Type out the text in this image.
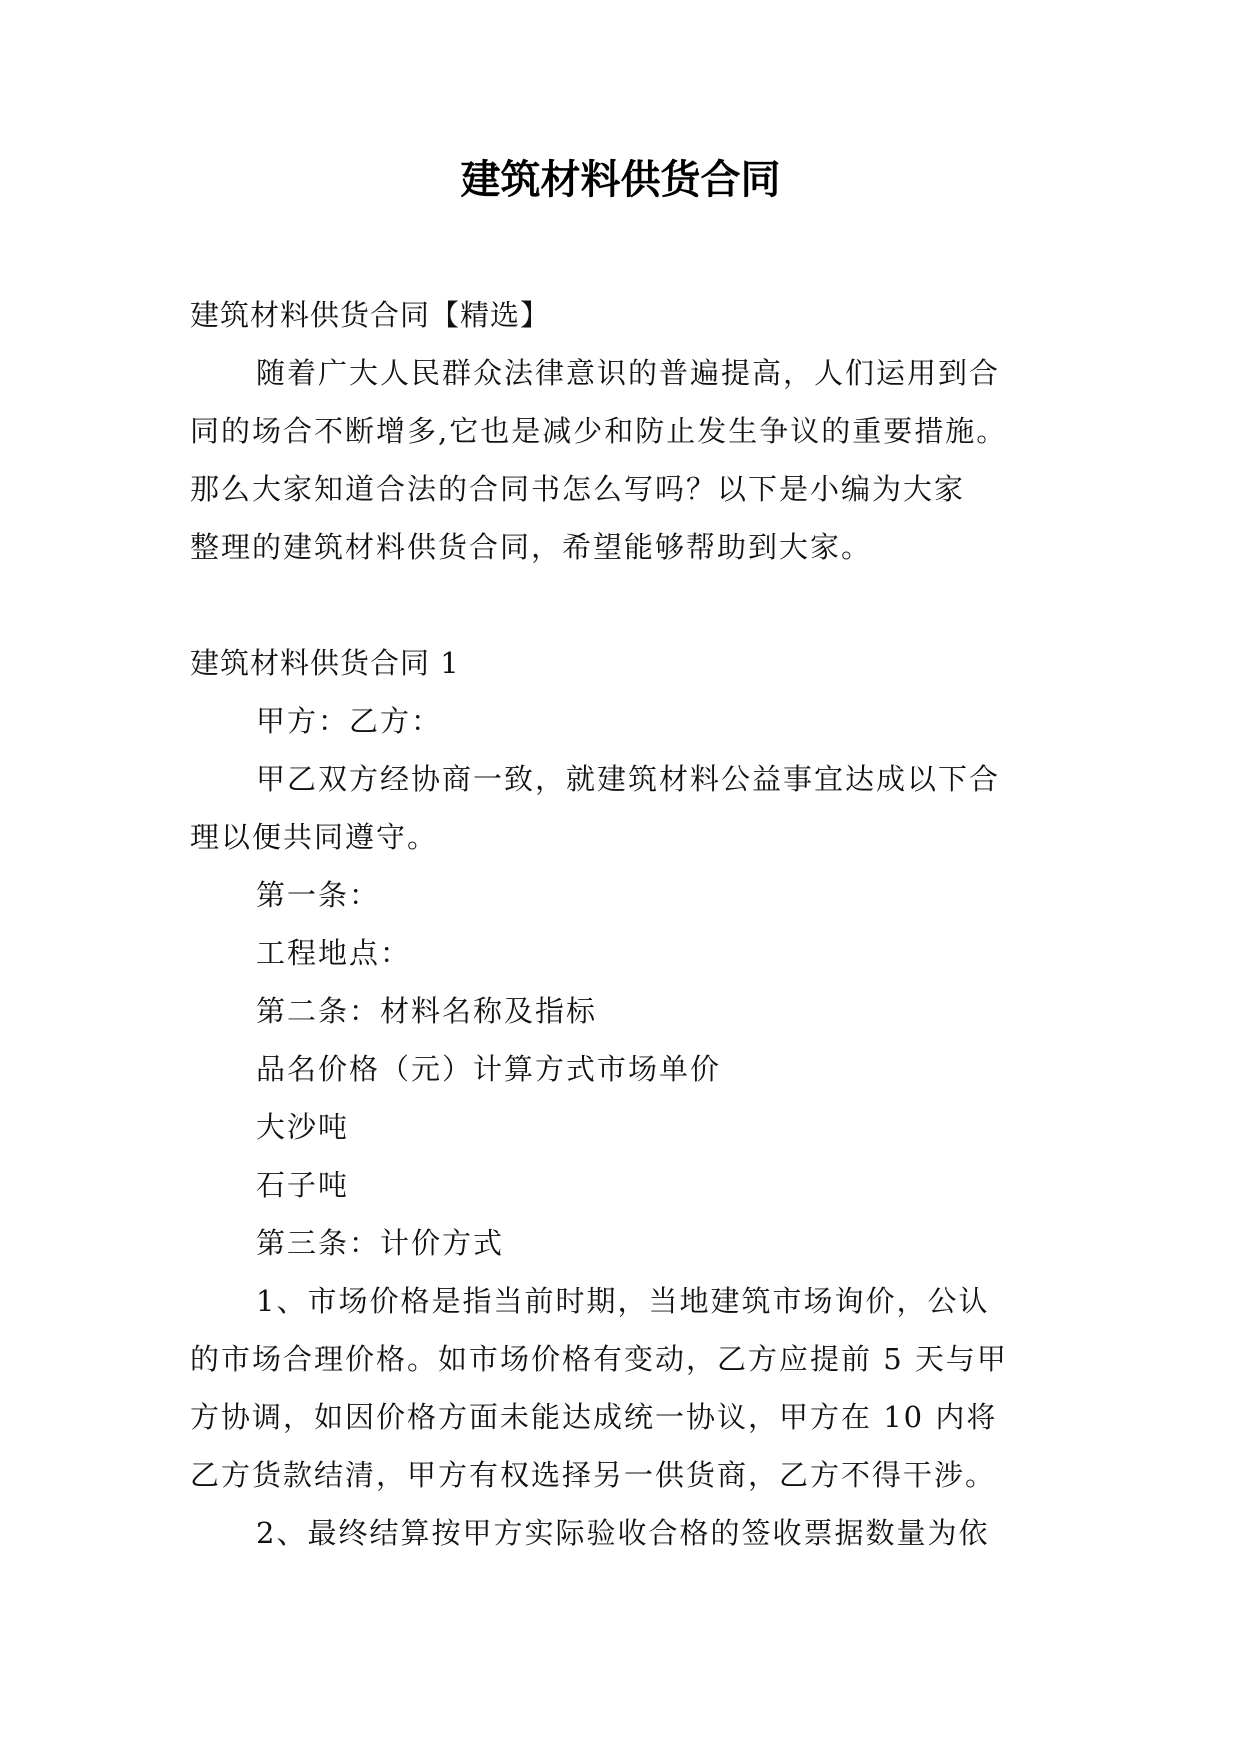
建筑材料供货合同

建筑材料供货合同【精选】

随着广大人民群众法律意识的普遍提高，人们运用到合

同的场合不断增多,它也是减少和防止发生争议的重要措施。

那么大家知道合法的合同书怎么写吗？以下是小编为大家

整理的建筑材料供货合同，希望能够帮助到大家。

建筑材料供货合同 1

甲方：乙方：

甲乙双方经协商一致，就建筑材料公益事宜达成以下合

理以便共同遵守。

第一条：

工程地点：

第二条：材料名称及指标

品名价格（元）计算方式市场单价

大沙吨

石子吨

第三条：计价方式

1、市场价格是指当前时期，当地建筑市场询价，公认

的市场合理价格。如市场价格有变动，乙方应提前 5 天与甲

方协调，如因价格方面未能达成统一协议，甲方在 10 内将

乙方货款结清，甲方有权选择另一供货商，乙方不得干涉。

2、最终结算按甲方实际验收合格的签收票据数量为依
